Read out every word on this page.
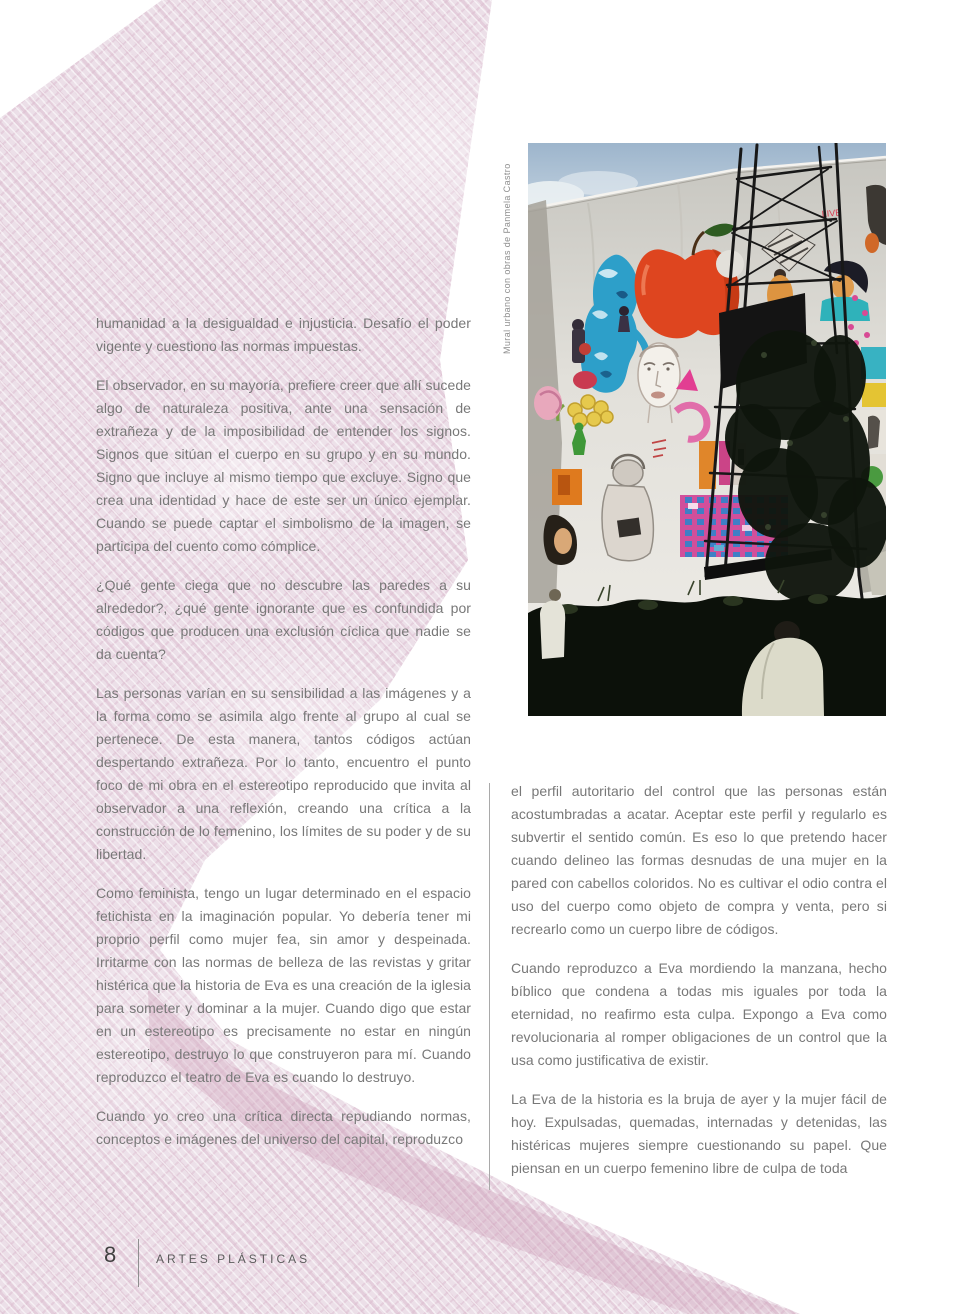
Mural urbano con obras de Panmela Castro	LIVE

humanidad a la desigualdad e injusticia. Desafío el poder vigente y cuestiono las normas impuestas.

El observador, en su mayoría, prefiere creer que allí sucede algo de naturaleza positiva, ante una sensación de extrañeza y de la imposibilidad de entender los signos. Signos que sitúan el cuerpo en su grupo y en su mundo. Signo que incluye al mismo tiempo que excluye. Signo que crea una identidad y hace de este ser un único ejemplar. Cuando se puede captar el simbolismo de la imagen, se participa del cuento como cómplice.

¿Qué gente ciega que no descubre las paredes a su alrededor?, ¿qué gente ignorante que es confundida por códigos que producen una exclusión cíclica que nadie se da cuenta?

Las personas varían en su sensibilidad a las imágenes y a la forma como se asimila algo frente al grupo al cual se pertenece. De esta manera, tantos códigos actúan despertando extrañeza. Por lo tanto, encuentro el punto foco de mi obra en el estereotipo reproducido que invita al observador a una reflexión, creando una crítica a la construcción de lo femenino, los límites de su poder y de su libertad.

Como feminista, tengo un lugar determinado en el espacio fetichista en la imaginación popular. Yo debería tener mi proprio perfil como mujer fea, sin amor y despeinada. Irritarme con las normas de belleza de las revistas y gritar histérica que la historia de Eva es una creación de la iglesia para someter y dominar a la mujer. Cuando digo que estar en un estereotipo es precisamente no estar en ningún estereotipo, destruyo lo que construyeron para mí. Cuando reproduzco el teatro de Eva es cuando lo destruyo.

Cuando yo creo una crítica directa repudiando normas, conceptos e imágenes del universo del capital, reproduzco

el perfil autoritario del control que las personas están acostumbradas a acatar. Aceptar este perfil y regularlo es subvertir el sentido común. Es eso lo que pretendo hacer cuando delineo las formas desnudas de una mujer en la pared con cabellos coloridos. No es cultivar el odio contra el uso del cuerpo como objeto de compra y venta, pero si recrearlo como un cuerpo libre de códigos.

Cuando reproduzco a Eva mordiendo la manzana, hecho bíblico que condena a todas mis iguales por toda la eternidad, no reafirmo esta culpa. Expongo a Eva como revolucionaria al romper obligaciones de un control que la usa como justificativa de existir.

La Eva de la historia es la bruja de ayer y la mujer fácil de hoy. Expulsadas, quemadas, internadas y detenidas, las histéricas mujeres siempre cuestionando su papel. Que piensan en un cuerpo femenino libre de culpa de toda

8	ARTES PLÁSTICAS
